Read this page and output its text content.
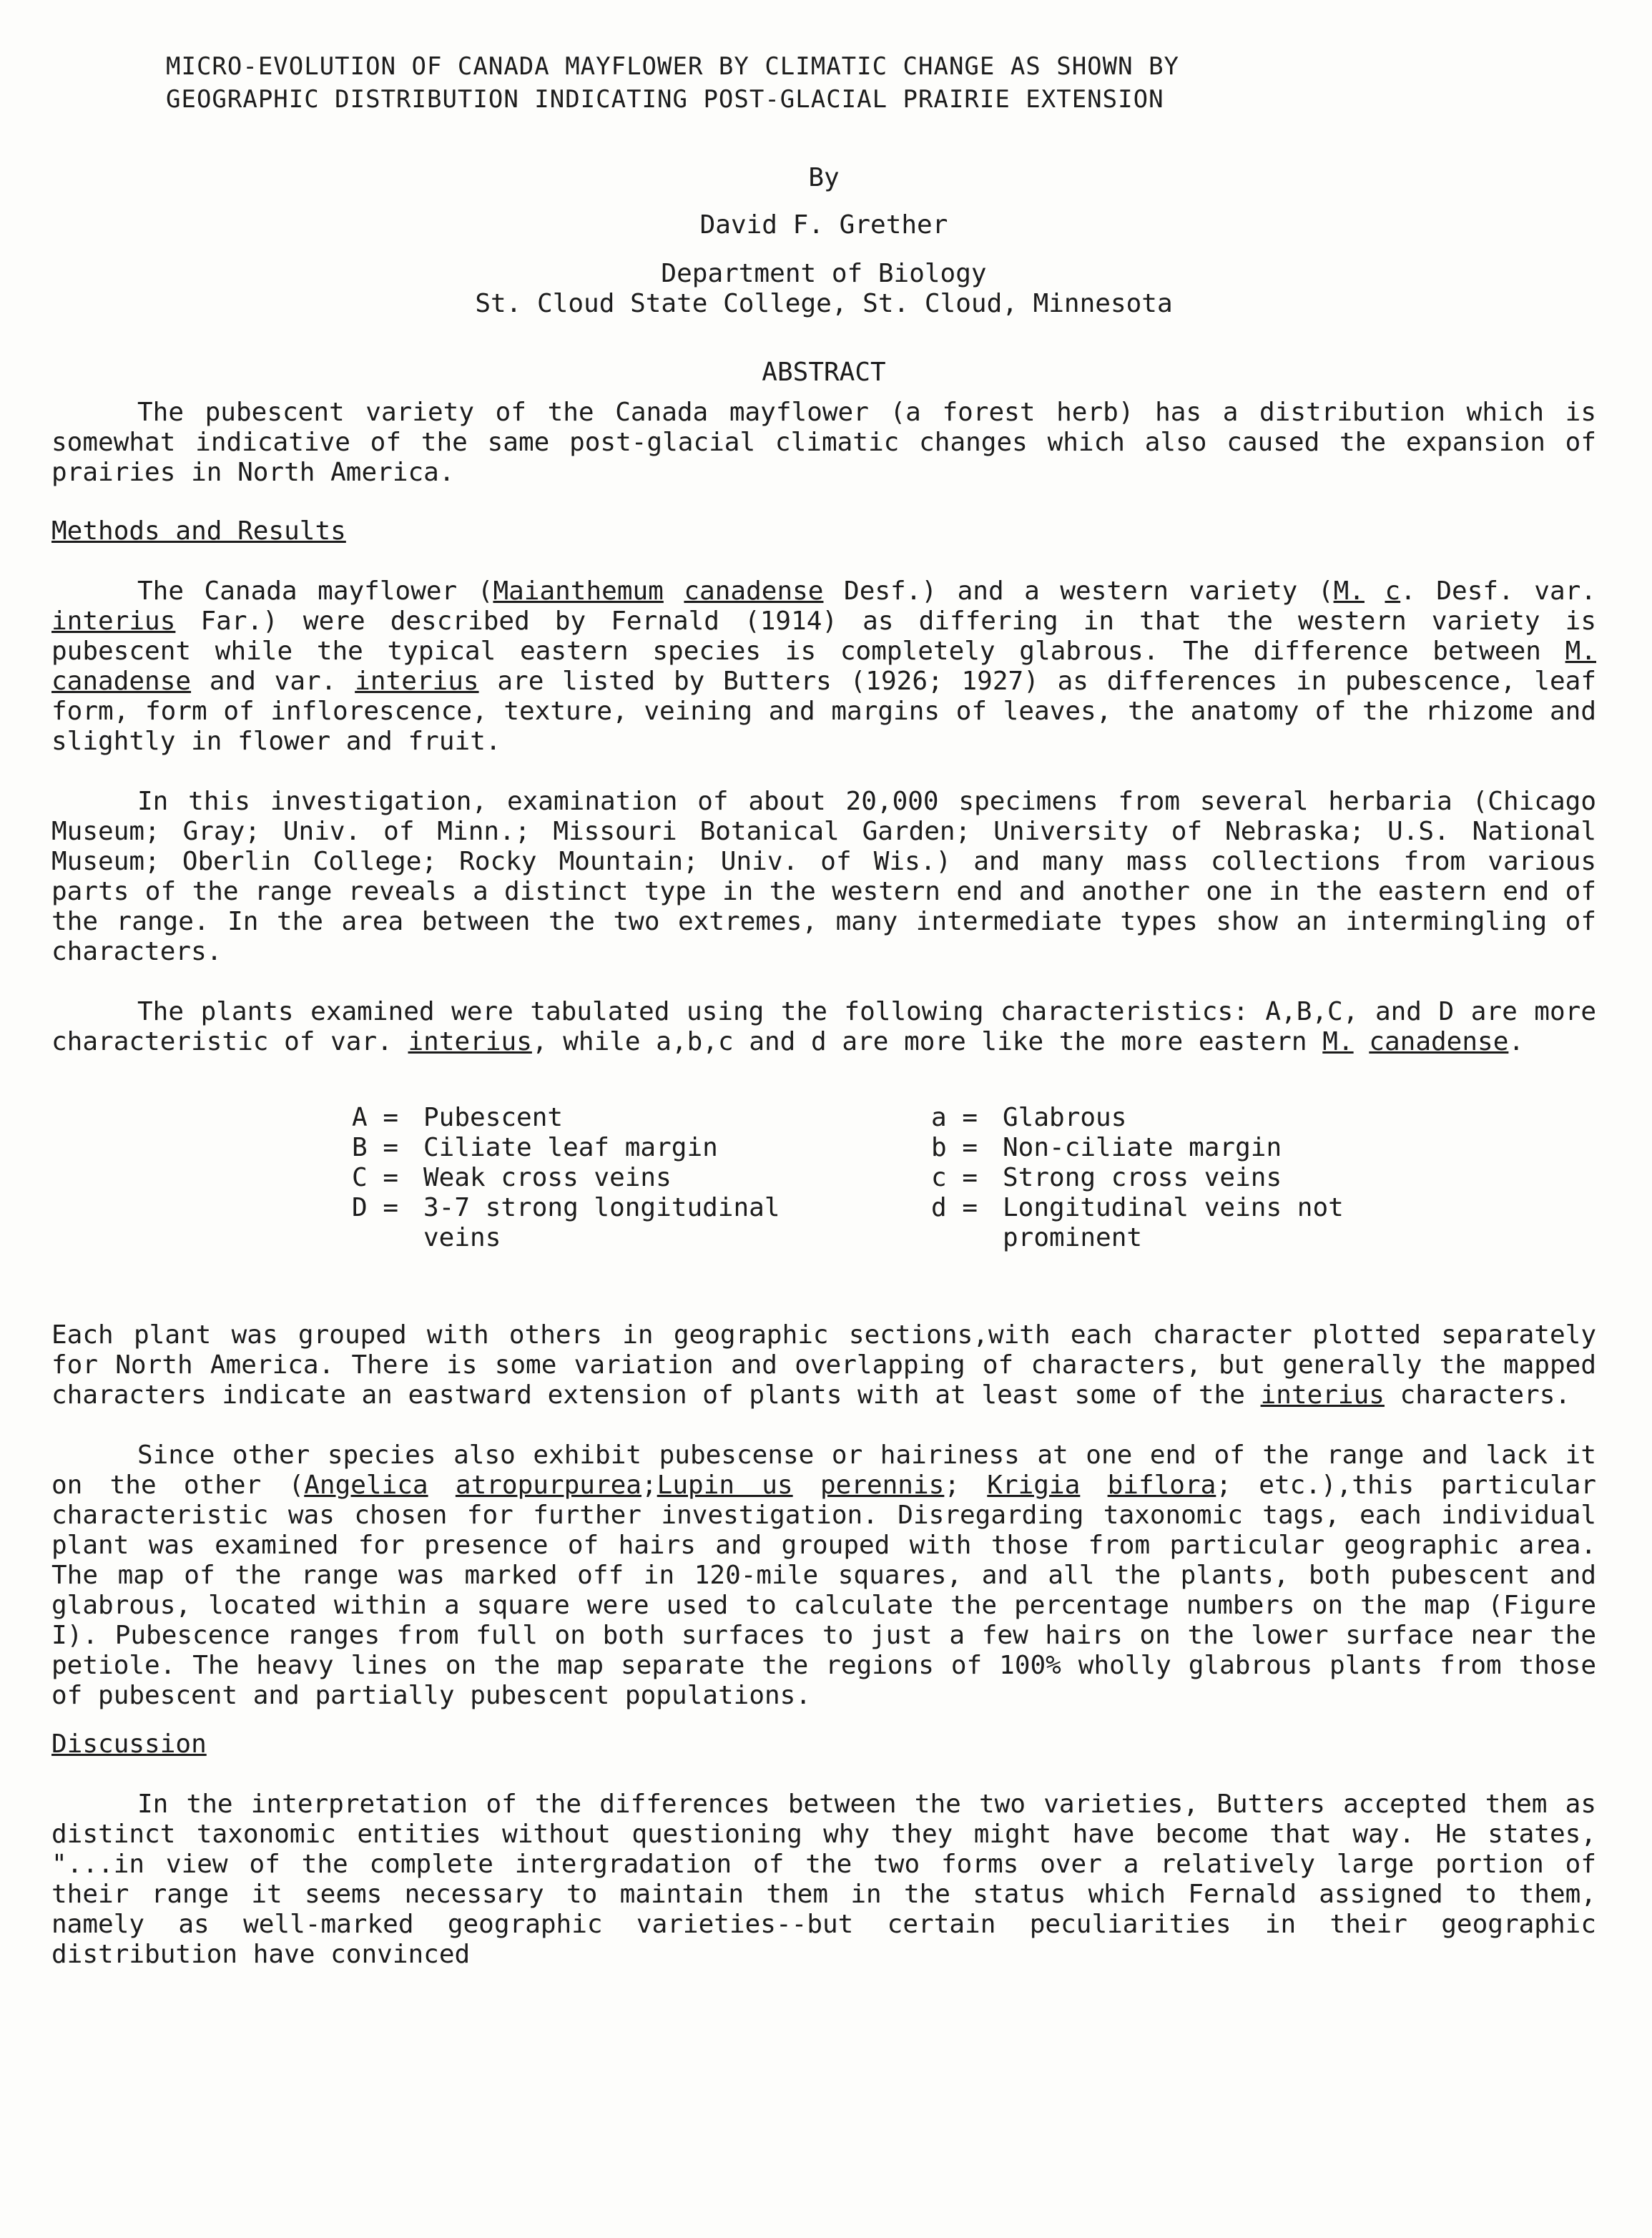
MICRO-EVOLUTION OF CANADA MAYFLOWER BY CLIMATIC CHANGE AS SHOWN BY
GEOGRAPHIC DISTRIBUTION INDICATING POST-GLACIAL PRAIRIE EXTENSION
By
David F. Grether
Department of Biology
St. Cloud State College, St. Cloud, Minnesota
ABSTRACT

The pubescent variety of the Canada mayflower (a forest herb) has a distribution which is somewhat indicative of the same post-glacial climatic changes which also caused the expansion of prairies in North America.

Methods and Results

The Canada mayflower (Maianthemum canadense Desf.) and a western variety (M. c. Desf. var. interius Far.) were described by Fernald (1914) as differing in that the western variety is pubescent while the typical eastern species is completely glabrous. The difference between M. canadense and var. interius are listed by Butters (1926; 1927) as differences in pubescence, leaf form, form of inflorescence, texture, veining and margins of leaves, the anatomy of the rhizome and slightly in flower and fruit.

In this investigation, examination of about 20,000 specimens from several herbaria (Chicago Museum; Gray; Univ. of Minn.; Missouri Botanical Garden; University of Nebraska; U.S. National Museum; Oberlin College; Rocky Mountain; Univ. of Wis.) and many mass collections from various parts of the range reveals a distinct type in the western end and another one in the eastern end of the range. In the area between the two extremes, many intermediate types show an intermingling of characters.

The plants examined were tabulated using the following characteristics: A,B,C, and D are more characteristic of var. interius, while a,b,c and d are more like the more eastern M. canadense.

A = Pubescent
B = Ciliate leaf margin
C = Weak cross veins
D = 3-7 strong longitudinal veins
a = Glabrous
b = Non-ciliate margin
c = Strong cross veins
d = Longitudinal veins not prominent

Each plant was grouped with others in geographic sections,with each character plotted separately for North America. There is some variation and overlapping of characters, but generally the mapped characters indicate an eastward extension of plants with at least some of the interius characters.

Since other species also exhibit pubescense or hairiness at one end of the range and lack it on the other (Angelica atropurpurea;Lupin us perennis; Krigia biflora; etc.),this particular characteristic was chosen for further investigation. Disregarding taxonomic tags, each individual plant was examined for presence of hairs and grouped with those from particular geographic area. The map of the range was marked off in 120-mile squares, and all the plants, both pubescent and glabrous, located within a square were used to calculate the percentage numbers on the map (Figure I). Pubescence ranges from full on both surfaces to just a few hairs on the lower surface near the petiole. The heavy lines on the map separate the regions of 100% wholly glabrous plants from those of pubescent and partially pubescent populations.

Discussion

In the interpretation of the differences between the two varieties, Butters accepted them as distinct taxonomic entities without questioning why they might have become that way. He states, "...in view of the complete intergradation of the two forms over a relatively large portion of their range it seems necessary to maintain them in the status which Fernald assigned to them, namely as well-marked geographic varieties--but certain peculiarities in their geographic distribution have convinced
